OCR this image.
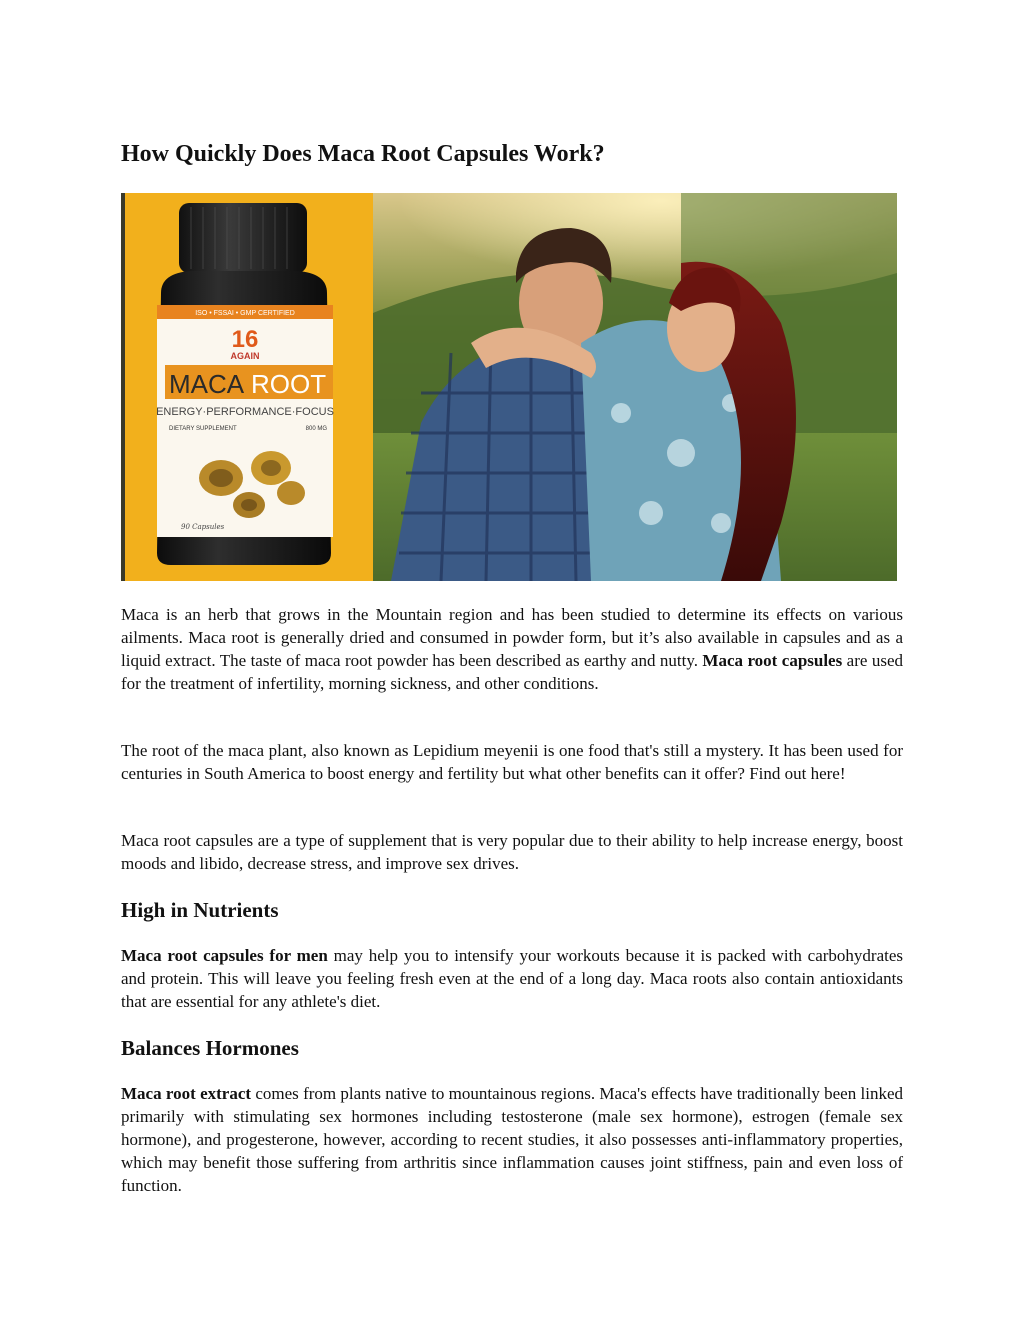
How Quickly Does Maca Root Capsules Work?
ISO • FSSAI • GMP CERTIFIED
16
AGAIN
MACA ROOT
ENERGY·PERFORMANCE·FOCUS
DIETARY SUPPLEMENT	800 MG
90 Capsules

Maca is an herb that grows in the Mountain region and has been studied to determine its effects on various ailments. Maca root is generally dried and consumed in powder form, but it’s also available in capsules and as a liquid extract. The taste of maca root powder has been described as earthy and nutty. Maca root capsules are used for the treatment of infertility, morning sickness, and other conditions.

The root of the maca plant, also known as Lepidium meyenii is one food that's still a mystery. It has been used for centuries in South America to boost energy and fertility but what other benefits can it offer? Find out here!

Maca root capsules are a type of supplement that is very popular due to their ability to help increase energy, boost moods and libido, decrease stress, and improve sex drives.

High in Nutrients

Maca root capsules for men may help you to intensify your workouts because it is packed with carbohydrates and protein. This will leave you feeling fresh even at the end of a long day. Maca roots also contain antioxidants that are essential for any athlete's diet.

Balances Hormones

Maca root extract comes from plants native to mountainous regions. Maca's effects have traditionally been linked primarily with stimulating sex hormones including testosterone (male sex hormone), estrogen (female sex hormone), and progesterone, however, according to recent studies, it also possesses anti-inflammatory properties, which may benefit those suffering from arthritis since inflammation causes joint stiffness, pain and even loss of function.
